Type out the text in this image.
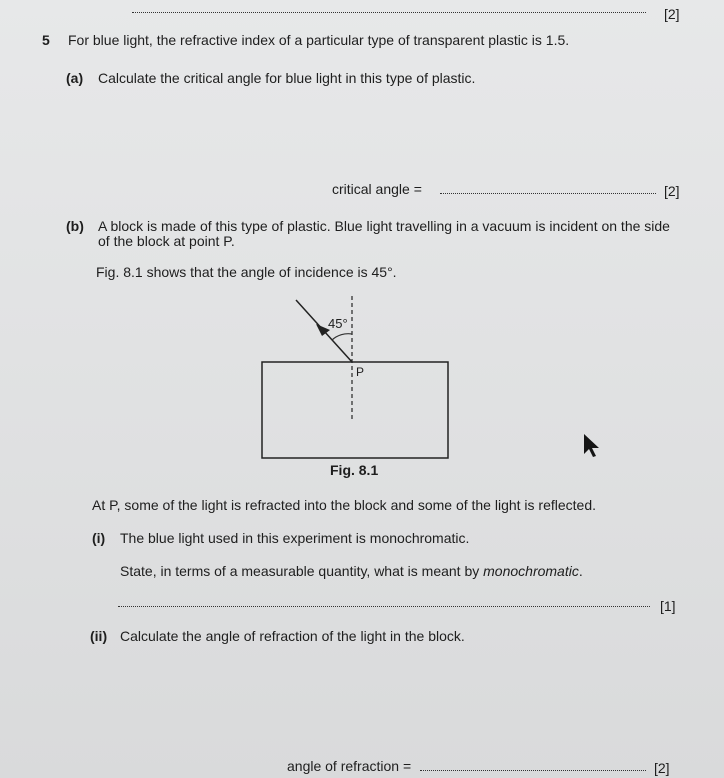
[2]
5 For blue light, the refractive index of a particular type of transparent plastic is 1.5.
(a) Calculate the critical angle for blue light in this type of plastic.
critical angle =	[2]
(b) A block is made of this type of plastic. Blue light travelling in a vacuum is incident on the side
of the block at point P.
Fig. 8.1 shows that the angle of incidence is 45°.
45°
P
Fig. 8.1
At P, some of the light is refracted into the block and some of the light is reflected.
(i) The blue light used in this experiment is monochromatic.
State, in terms of a measurable quantity, what is meant by monochromatic.
[1]
(ii) Calculate the angle of refraction of the light in the block.
angle of refraction =	[2]
